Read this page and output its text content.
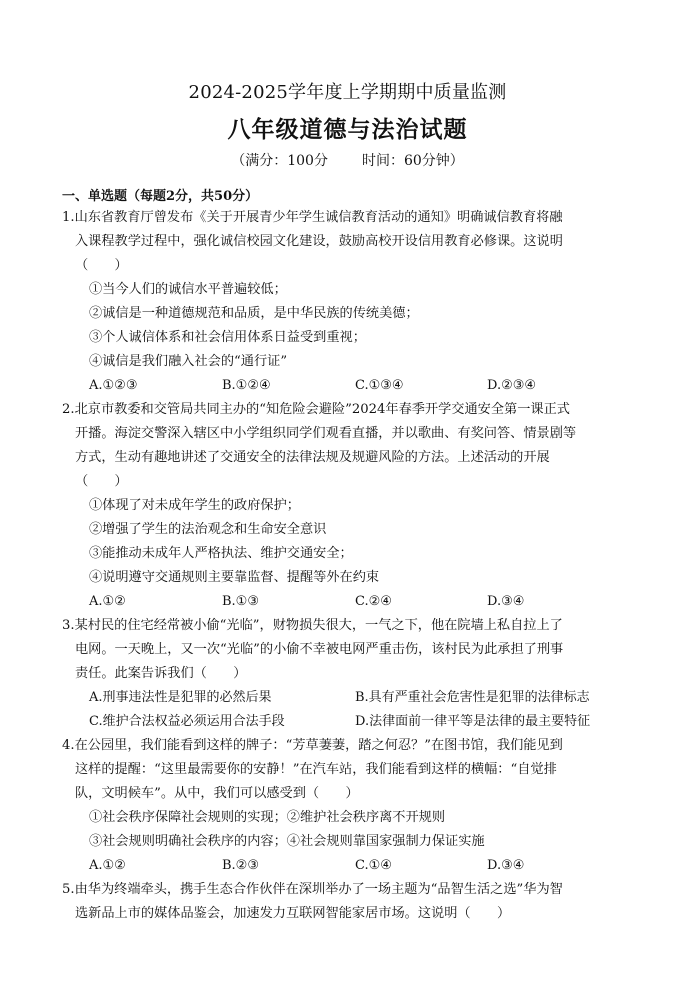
2024-2025学年度上学期期中质量监测
八年级道德与法治试题
（满分：100分 时间：60分钟）
一、单选题（每题2分，共50分）
1.山东省教育厅曾发布《关于开展青少年学生诚信教育活动的通知》明确诚信教育将融
入课程教学过程中，强化诚信校园文化建设，鼓励高校开设信用教育必修课。这说明
（　　）
①当今人们的诚信水平普遍较低；
②诚信是一种道德规范和品质，是中华民族的传统美德；
③个人诚信体系和社会信用体系日益受到重视；
④诚信是我们融入社会的“通行证”
A.①②③	B.①②④	C.①③④	D.②③④
2.北京市教委和交管局共同主办的“知危险会避险”2024年春季开学交通安全第一课正式
开播。海淀交警深入辖区中小学组织同学们观看直播，并以歌曲、有奖问答、情景剧等
方式，生动有趣地讲述了交通安全的法律法规及规避风险的方法。上述活动的开展
（　　）
①体现了对未成年学生的政府保护；
②增强了学生的法治观念和生命安全意识
③能推动未成年人严格执法、维护交通安全；
④说明遵守交通规则主要靠监督、提醒等外在约束
A.①②	B.①③	C.②④	D.③④
3.某村民的住宅经常被小偷“光临”，财物损失很大，一气之下，他在院墙上私自拉上了
电网。一天晚上，又一次“光临”的小偷不幸被电网严重击伤，该村民为此承担了刑事
责任。此案告诉我们（　　）
A.刑事违法性是犯罪的必然后果	B.具有严重社会危害性是犯罪的法律标志
C.维护合法权益必须运用合法手段	D.法律面前一律平等是法律的最主要特征
4.在公园里，我们能看到这样的牌子：“芳草萋萋，踏之何忍？”在图书馆，我们能见到
这样的提醒：“这里最需要你的安静！”在汽车站，我们能看到这样的横幅：“自觉排
队，文明候车”。从中，我们可以感受到（　　）
①社会秩序保障社会规则的实现；②维护社会秩序离不开规则
③社会规则明确社会秩序的内容；④社会规则靠国家强制力保证实施
A.①②	B.②③	C.①④	D.③④
5.由华为终端牵头，携手生态合作伙伴在深圳举办了一场主题为“品智生活之选”华为智
选新品上市的媒体品鉴会，加速发力互联网智能家居市场。这说明（　　）
